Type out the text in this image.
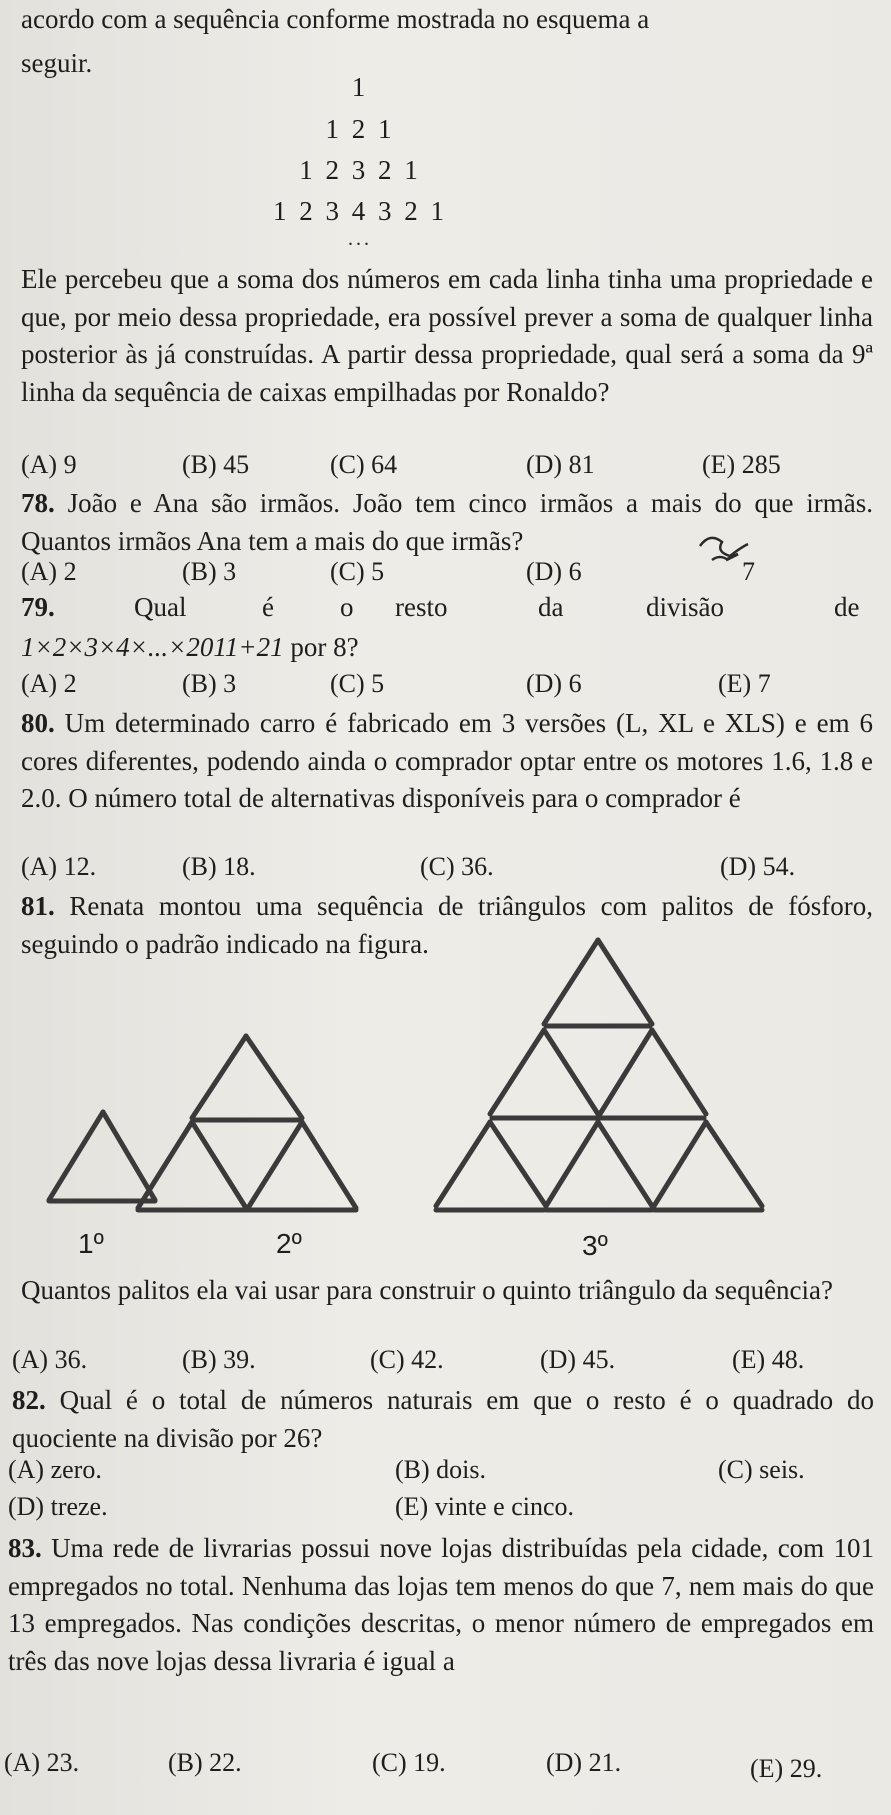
acordo com a sequência conforme mostrada no esquema a
seguir.
1
1 2 1
1 2 3 2 1
1 2 3 4 3 2 1
...

Ele percebeu que a soma dos números em cada linha tinha uma propriedade e que, por meio dessa propriedade, era possível prever a soma de qualquer linha posterior às já construídas. A partir dessa propriedade, qual será a soma da 9ª linha da sequência de caixas empilhadas por Ronaldo?

(A) 9	(B) 45	(C) 64	(D) 81	(E) 285

78. João e Ana são irmãos. João tem cinco irmãos a mais do que irmãs. Quantos irmãos Ana tem a mais do que irmãs?

(A) 2	(B) 3	(C) 5	(D) 6	7
79.	Qual	é o resto	da	divisão	de
1×2×3×4×...×2011+21 por 8?
(A) 2	(B) 3	(C) 5	(D) 6	(E) 7

80. Um determinado carro é fabricado em 3 versões (L, XL e XLS) e em 6 cores diferentes, podendo ainda o comprador optar entre os motores 1.6, 1.8 e 2.0. O número total de alternativas disponíveis para o comprador é

(A) 12.	(B) 18.	(C) 36.	(D) 54.

81. Renata montou uma sequência de triângulos com palitos de fósforo, seguindo o padrão indicado na figura.

1º	2º	3º

Quantos palitos ela vai usar para construir o quinto triângulo da sequência?

(A) 36.	(B) 39.	(C) 42.	(D) 45.	(E) 48.

82. Qual é o total de números naturais em que o resto é o quadrado do quociente na divisão por 26?

(A) zero.	(B) dois.	(C) seis.
(D) treze.	(E) vinte e cinco.

83. Uma rede de livrarias possui nove lojas distribuídas pela cidade, com 101 empregados no total. Nenhuma das lojas tem menos do que 7, nem mais do que 13 empregados. Nas condições descritas, o menor número de empregados em três das nove lojas dessa livraria é igual a

(A) 23.	(B) 22.	(C) 19.	(D) 21.	(E) 29.
